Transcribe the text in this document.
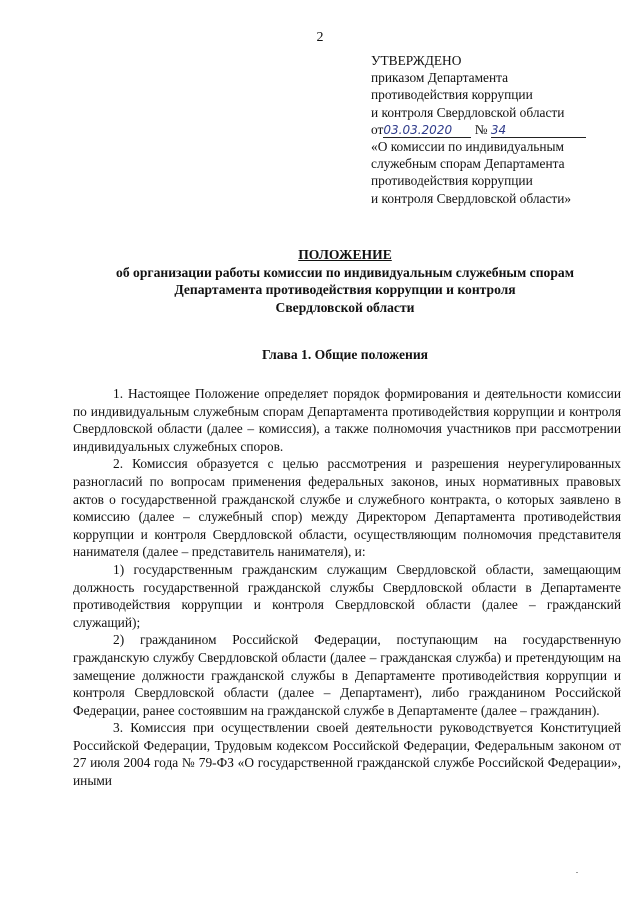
2
УТВЕРЖДЕНО
приказом Департамента
противодействия коррупции
и контроля Свердловской области
от03.03.2020 № 34
«О комиссии по индивидуальным
служебным спорам Департамента
противодействия коррупции
и контроля Свердловской области»
ПОЛОЖЕНИЕ
об организации работы комиссии по индивидуальным служебным спорам
Департамента противодействия коррупции и контроля
Свердловской области
Глава 1. Общие положения

1. Настоящее Положение определяет порядок формирования и деятельности комиссии по индивидуальным служебным спорам Департамента противодействия коррупции и контроля Свердловской области (далее – комиссия), а также полномочия участников при рассмотрении индивидуальных служебных споров.

2. Комиссия образуется с целью рассмотрения и разрешения неурегулированных разногласий по вопросам применения федеральных законов, иных нормативных правовых актов о государственной гражданской службе и служебного контракта, о которых заявлено в комиссию (далее – служебный спор) между Директором Департамента противодействия коррупции и контроля Свердловской области, осуществляющим полномочия представителя нанимателя (далее – представитель нанимателя), и:

1) государственным гражданским служащим Свердловской области, замещающим должность государственной гражданской службы Свердловской области в Департаменте противодействия коррупции и контроля Свердловской области (далее – гражданский служащий);

2) гражданином Российской Федерации, поступающим на государственную гражданскую службу Свердловской области (далее – гражданская служба) и претендующим на замещение должности гражданской службы в Департаменте противодействия коррупции и контроля Свердловской области (далее – Департамент), либо гражданином Российской Федерации, ранее состоявшим на гражданской службе в Департаменте (далее – гражданин).

3. Комиссия при осуществлении своей деятельности руководствуется Конституцией Российской Федерации, Трудовым кодексом Российской Федерации, Федеральным законом от 27 июля 2004 года № 79-ФЗ «О государственной гражданской службе Российской Федерации», иными
